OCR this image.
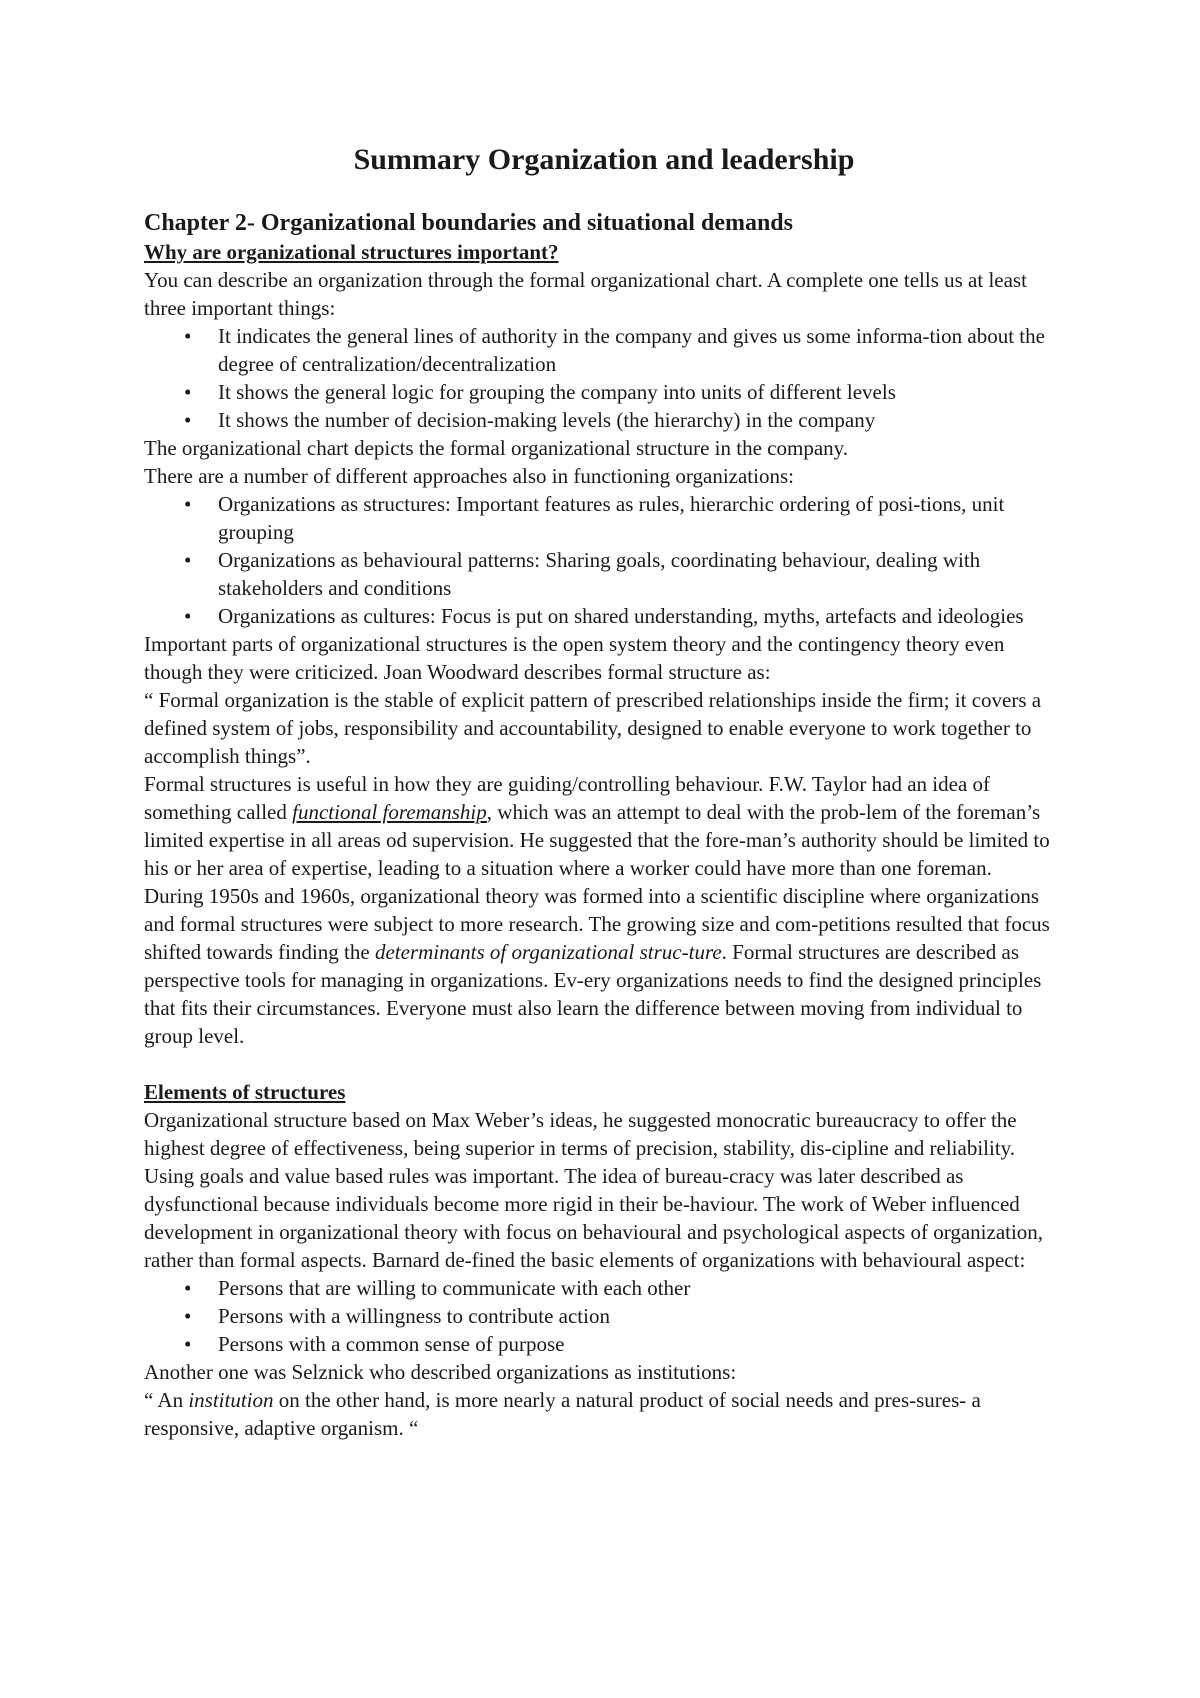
Summary Organization and leadership
Chapter 2- Organizational boundaries and situational demands
Why are organizational structures important?

You can describe an organization through the formal organizational chart. A complete one tells us at least three important things:

• It indicates the general lines of authority in the company and gives us some informa-tion about the degree of centralization/decentralization
• It shows the general logic for grouping the company into units of different levels
• It shows the number of decision-making levels (the hierarchy) in the company

The organizational chart depicts the formal organizational structure in the company.

There are a number of different approaches also in functioning organizations:

• Organizations as structures: Important features as rules, hierarchic ordering of posi-tions, unit grouping
• Organizations as behavioural patterns: Sharing goals, coordinating behaviour, dealing with stakeholders and conditions
• Organizations as cultures: Focus is put on shared understanding, myths, artefacts and ideologies

Important parts of organizational structures is the open system theory and the contingency theory even though they were criticized. Joan Woodward describes formal structure as:

“ Formal organization is the stable of explicit pattern of prescribed relationships inside the firm; it covers a defined system of jobs, responsibility and accountability, designed to enable everyone to work together to accomplish things”.

Formal structures is useful in how they are guiding/controlling behaviour. F.W. Taylor had an idea of something called functional foremanship, which was an attempt to deal with the prob-lem of the foreman’s limited expertise in all areas od supervision. He suggested that the fore-man’s authority should be limited to his or her area of expertise, leading to a situation where a worker could have more than one foreman.

During 1950s and 1960s, organizational theory was formed into a scientific discipline where organizations and formal structures were subject to more research. The growing size and com-petitions resulted that focus shifted towards finding the determinants of organizational struc-ture. Formal structures are described as perspective tools for managing in organizations. Ev-ery organizations needs to find the designed principles that fits their circumstances. Everyone must also learn the difference between moving from individual to group level.

Elements of structures

Organizational structure based on Max Weber’s ideas, he suggested monocratic bureaucracy to offer the highest degree of effectiveness, being superior in terms of precision, stability, dis-cipline and reliability. Using goals and value based rules was important. The idea of bureau-cracy was later described as dysfunctional because individuals become more rigid in their be-haviour. The work of Weber influenced development in organizational theory with focus on behavioural and psychological aspects of organization, rather than formal aspects. Barnard de-fined the basic elements of organizations with behavioural aspect:

• Persons that are willing to communicate with each other
• Persons with a willingness to contribute action
• Persons with a common sense of purpose

Another one was Selznick who described organizations as institutions:

“ An institution on the other hand, is more nearly a natural product of social needs and pres-sures- a responsive, adaptive organism. “
